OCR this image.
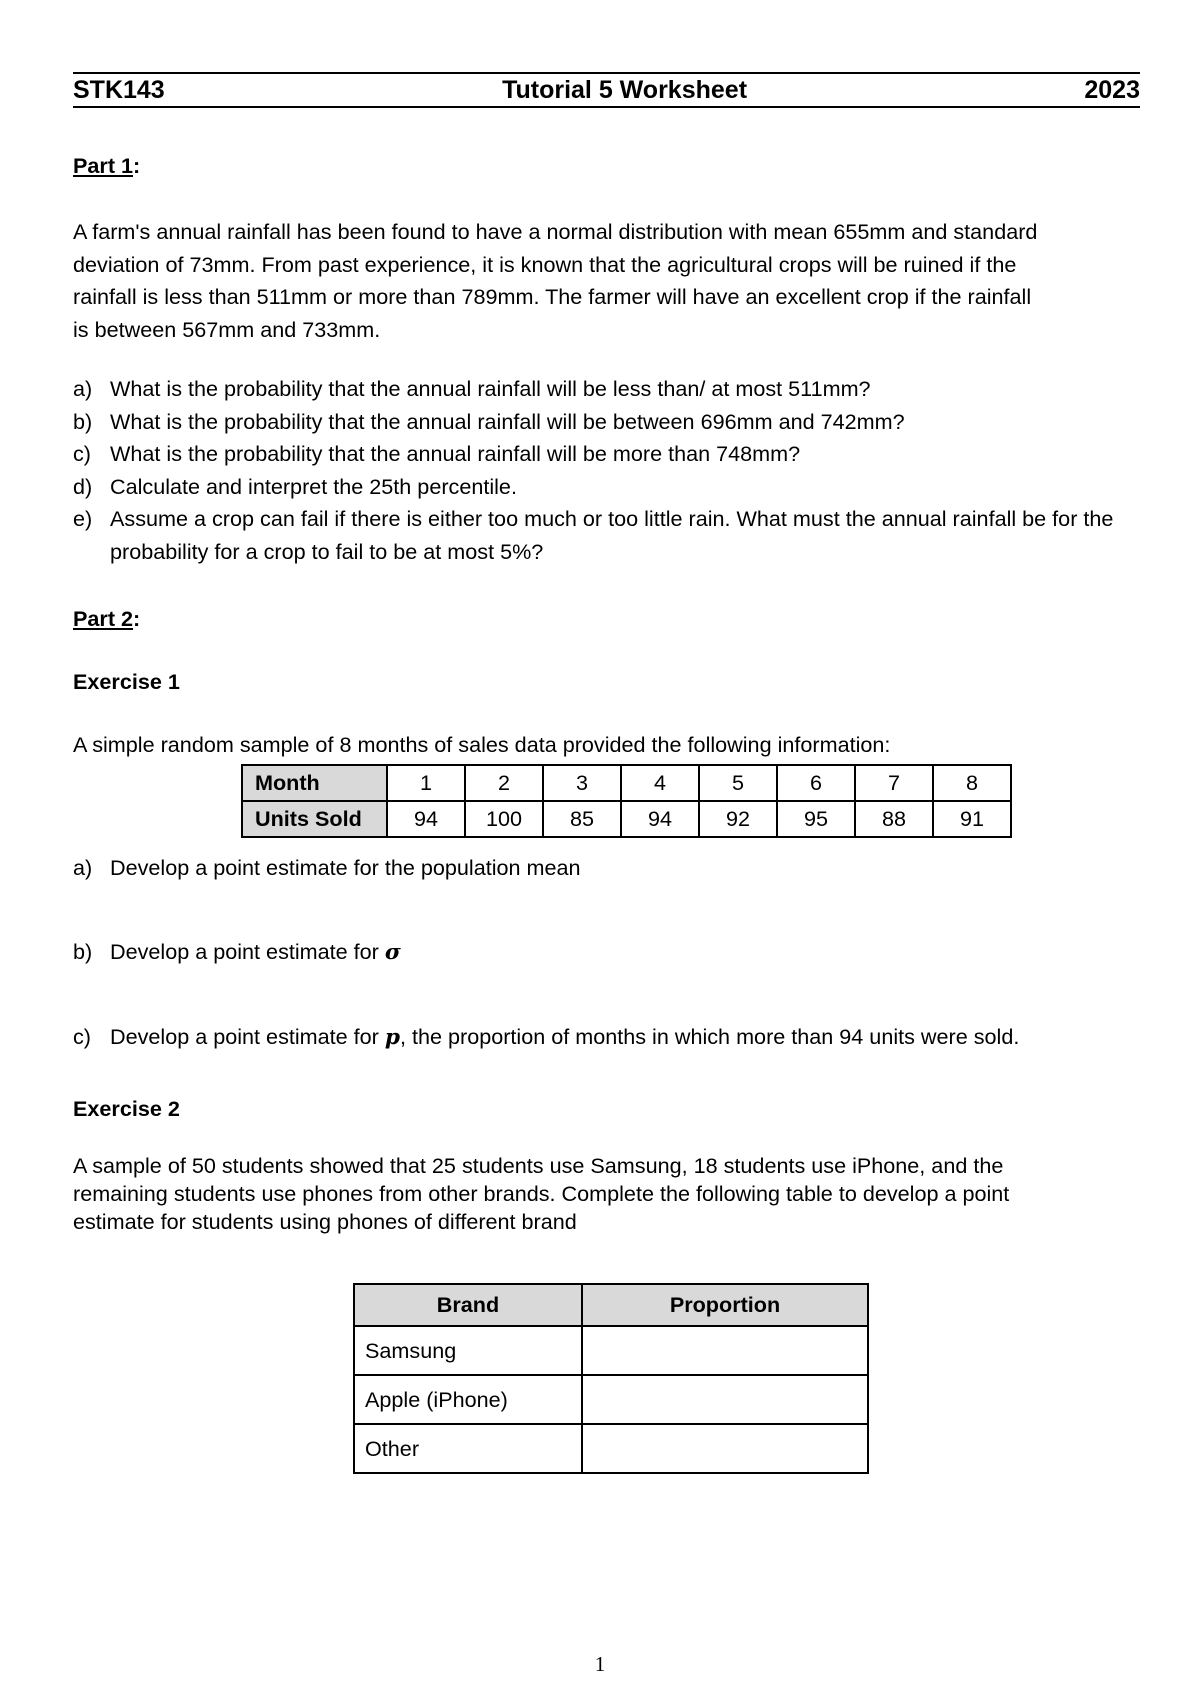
STK143	Tutorial 5 Worksheet	2023
Part 1:
A farm's annual rainfall has been found to have a normal distribution with mean 655mm and standard
deviation of 73mm. From past experience, it is known that the agricultural crops will be ruined if the
rainfall is less than 511mm or more than 789mm. The farmer will have an excellent crop if the rainfall
is between 567mm and 733mm.
a) What is the probability that the annual rainfall will be less than/ at most 511mm?
b) What is the probability that the annual rainfall will be between 696mm and 742mm?
c) What is the probability that the annual rainfall will be more than 748mm?
d) Calculate and interpret the 25th percentile.
e) Assume a crop can fail if there is either too much or too little rain. What must the annual rainfall be for the probability for a crop to fail to be at most 5%?
Part 2:
Exercise 1
A simple random sample of 8 months of sales data provided the following information:
Month	1	2	3	4	5	6	7	8
Units Sold	94	100	85	94	92	95	88	91
a) Develop a point estimate for the population mean
b) Develop a point estimate for σ
c) Develop a point estimate for p, the proportion of months in which more than 94 units were sold.
Exercise 2
A sample of 50 students showed that 25 students use Samsung, 18 students use iPhone, and the
remaining students use phones from other brands. Complete the following table to develop a point
estimate for students using phones of different brand
Brand	Proportion
Samsung	
Apple (iPhone)	
Other	
1
